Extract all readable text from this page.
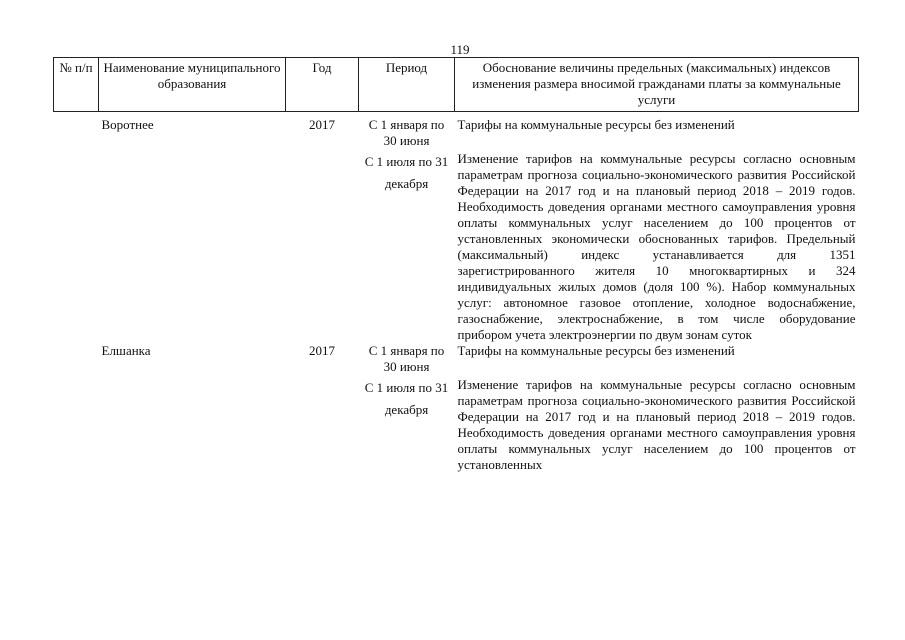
119
№ п/п	Наименование муниципального образования	Год	Период	Обоснование величины предельных (максимальных) индексов изменения размера вносимой гражданами платы за коммунальные услуги
	Воротнее	2017	С 1 января по 30 июня	Тарифы на коммунальные ресурсы без изменений
			С 1 июля по 31 декабря	Изменение тарифов на коммунальные ресурсы согласно основным параметрам прогноза социально-экономического развития Российской Федерации на 2017 год и на плановый период 2018 – 2019 годов. Необходимость доведения органами местного самоуправления уровня оплаты коммунальных услуг населением до 100 процентов от установленных экономически обоснованных тарифов. Предельный (максимальный) индекс устанавливается для 1351 зарегистрированного жителя 10 многоквартирных и 324 индивидуальных жилых домов (доля 100 %). Набор коммунальных услуг: автономное газовое отопление, холодное водоснабжение, газоснабжение, электроснабжение, в том числе оборудование прибором учета электроэнергии по двум зонам суток
	Елшанка	2017	С 1 января по 30 июня	Тарифы на коммунальные ресурсы без изменений
			С 1 июля по 31 декабря	Изменение тарифов на коммунальные ресурсы согласно основным параметрам прогноза социально-экономического развития Российской Федерации на 2017 год и на плановый период 2018 – 2019 годов. Необходимость доведения органами местного самоуправления уровня оплаты коммунальных услуг населением до 100 процентов от установленных
